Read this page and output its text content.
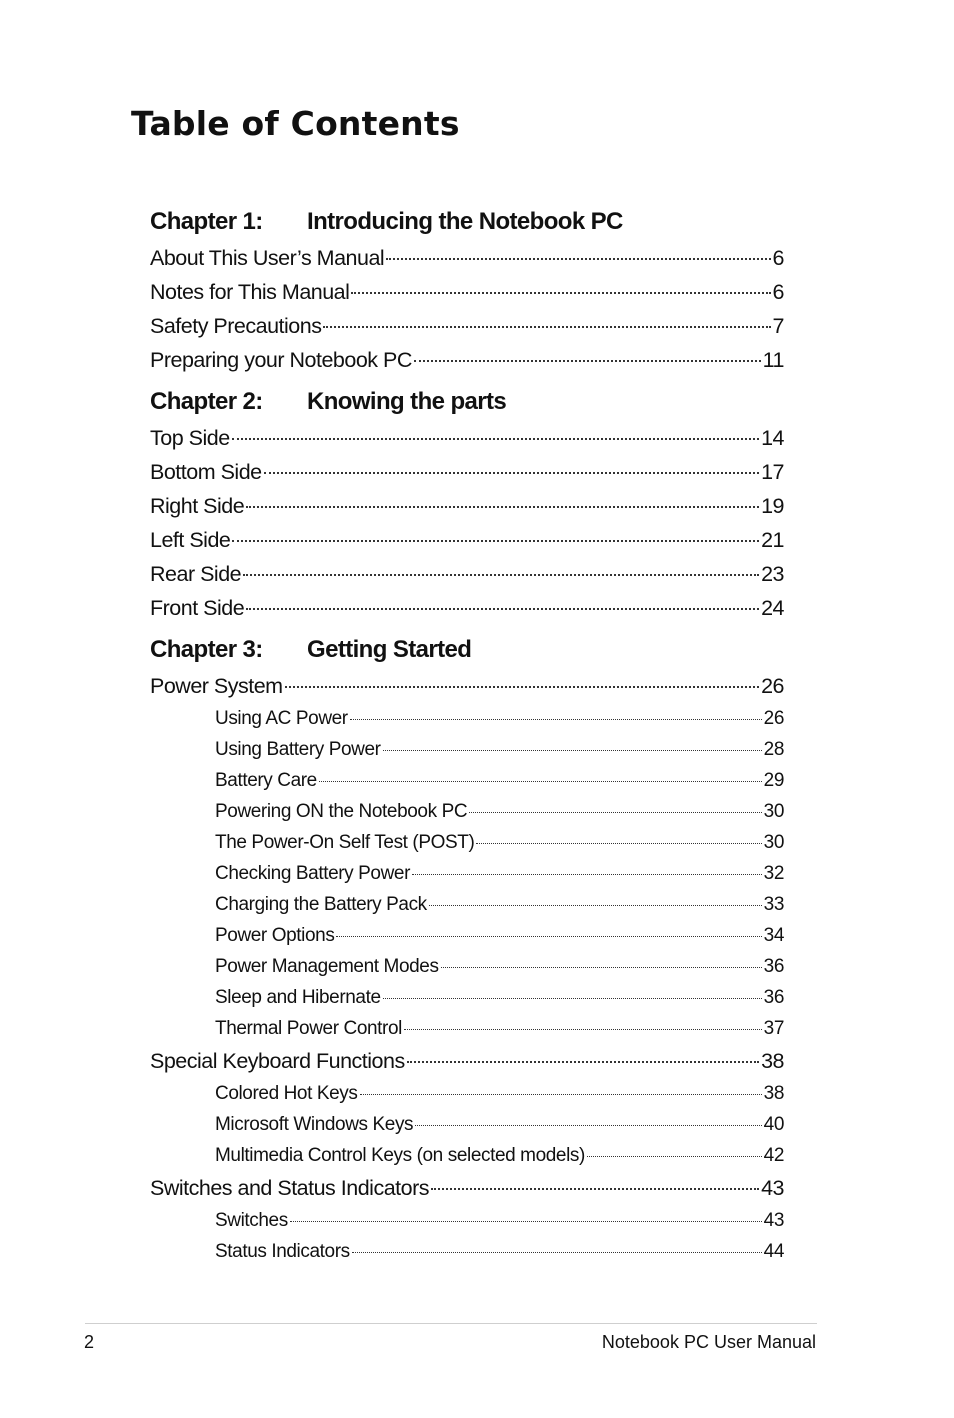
Table of Contents
Chapter 1:	Introducing the Notebook PC
About This User’s Manual	6
Notes for This Manual	6
Safety Precautions	7
Preparing your Notebook PC	11
Chapter 2:	Knowing the parts
Top Side	14
Bottom Side	17
Right Side	19
Left Side	21
Rear Side	23
Front Side	24
Chapter 3:	Getting Started
Power System	26
Using AC Power	26
Using Battery Power	28
Battery Care	29
Powering ON the Notebook PC	30
The Power-On Self Test (POST)	30
Checking Battery Power	32
Charging the Battery Pack	33
Power Options	34
Power Management Modes	36
Sleep and Hibernate	36
Thermal Power Control	37
Special Keyboard Functions	38
Colored Hot Keys	38
Microsoft Windows Keys	40
Multimedia Control Keys (on selected models)	42
Switches and Status Indicators	43
Switches	43
Status Indicators	44
2	Notebook PC User Manual
